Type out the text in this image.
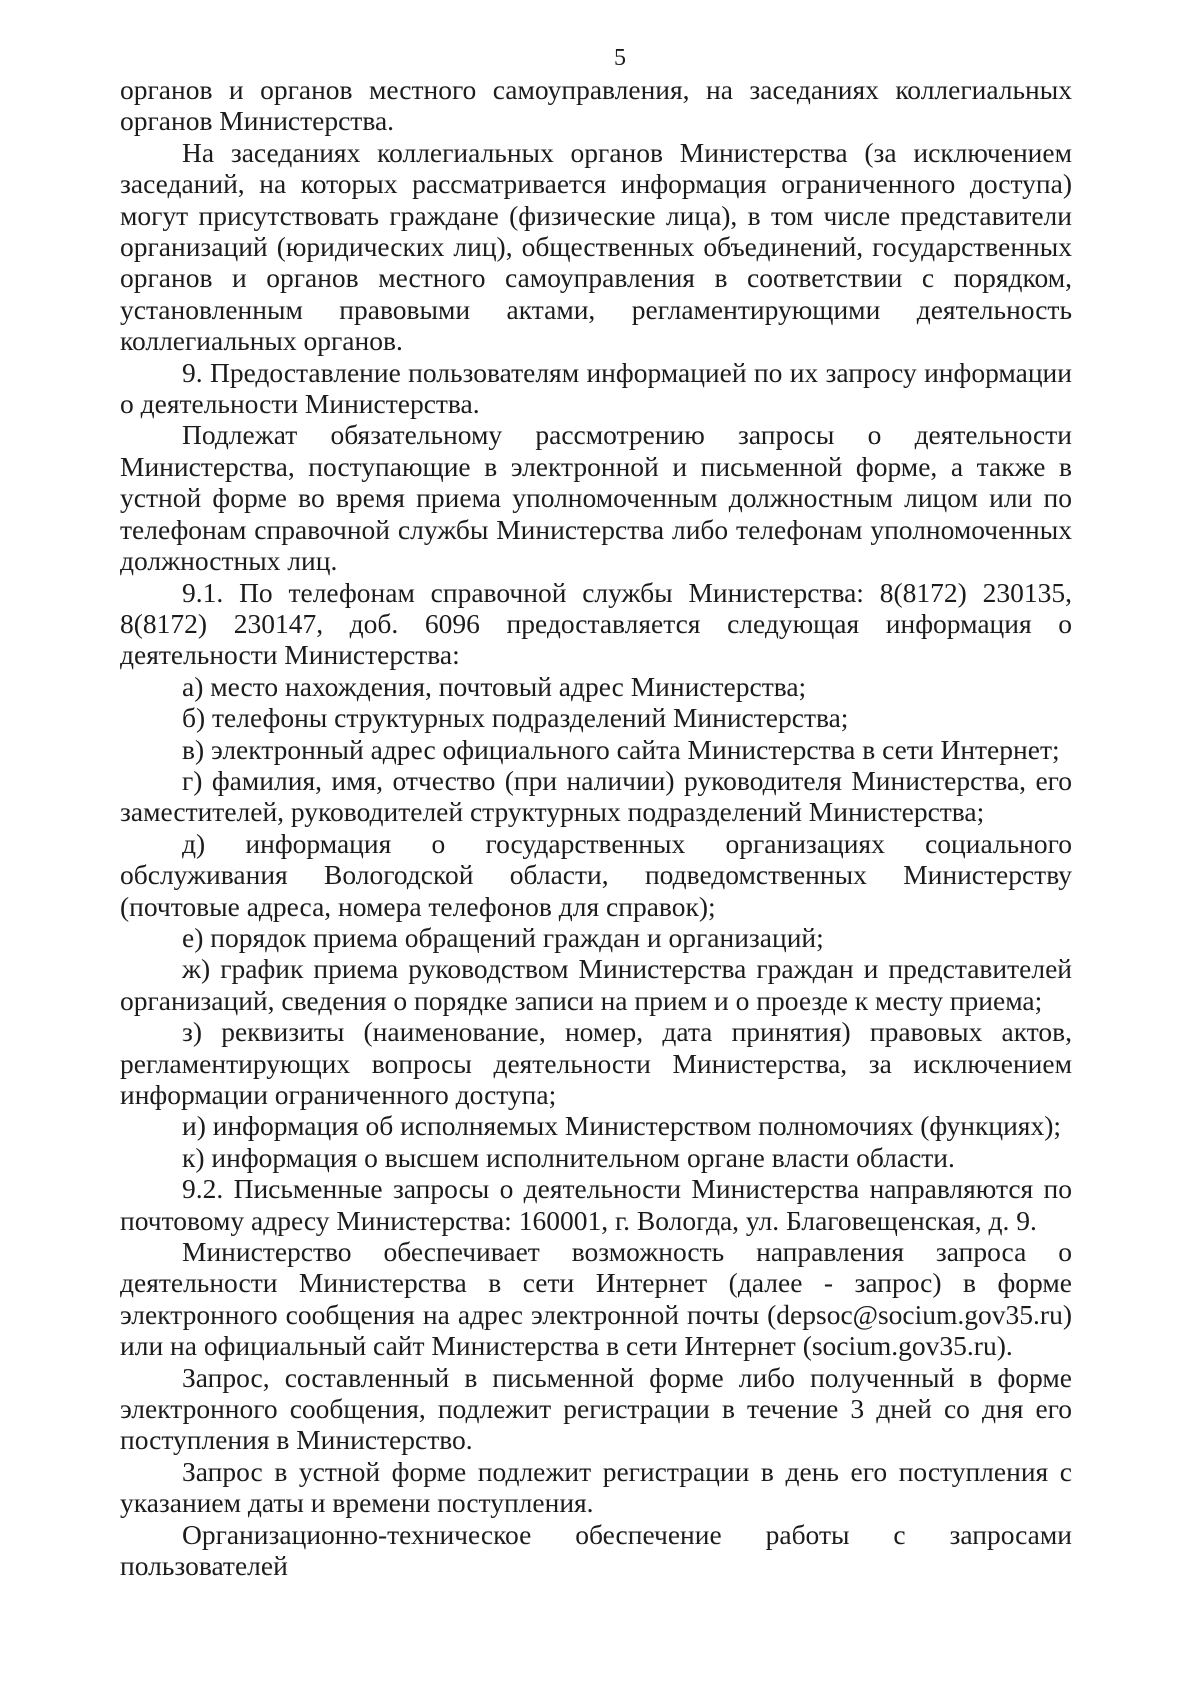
5

органов и органов местного самоуправления, на заседаниях коллегиальных органов Министерства.

На заседаниях коллегиальных органов Министерства (за исключением заседаний, на которых рассматривается информация ограниченного доступа) могут присутствовать граждане (физические лица), в том числе представители организаций (юридических лиц), общественных объединений, государственных органов и органов местного самоуправления в соответствии с порядком, установленным правовыми актами, регламентирующими деятельность коллегиальных органов.

9. Предоставление пользователям информацией по их запросу информации о деятельности Министерства.

Подлежат обязательному рассмотрению запросы о деятельности Министерства, поступающие в электронной и письменной форме, а также в устной форме во время приема уполномоченным должностным лицом или по телефонам справочной службы Министерства либо телефонам уполномоченных должностных лиц.

9.1. По телефонам справочной службы Министерства: 8(8172) 230135, 8(8172) 230147, доб. 6096 предоставляется следующая информация о деятельности Министерства:

а) место нахождения, почтовый адрес Министерства;

б) телефоны структурных подразделений Министерства;

в) электронный адрес официального сайта Министерства в сети Интернет;

г) фамилия, имя, отчество (при наличии) руководителя Министерства, его заместителей, руководителей структурных подразделений Министерства;

д) информация о государственных организациях социального обслуживания Вологодской области, подведомственных Министерству (почтовые адреса, номера телефонов для справок);

е) порядок приема обращений граждан и организаций;

ж) график приема руководством Министерства граждан и представителей организаций, сведения о порядке записи на прием и о проезде к месту приема;

з) реквизиты (наименование, номер, дата принятия) правовых актов, регламентирующих вопросы деятельности Министерства, за исключением информации ограниченного доступа;

и) информация об исполняемых Министерством полномочиях (функциях);

к) информация о высшем исполнительном органе власти области.

9.2. Письменные запросы о деятельности Министерства направляются по почтовому адресу Министерства: 160001, г. Вологда, ул. Благовещенская, д. 9.

Министерство обеспечивает возможность направления запроса о деятельности Министерства в сети Интернет (далее - запрос) в форме электронного сообщения на адрес электронной почты (depsoc@socium.gov35.ru) или на официальный сайт Министерства в сети Интернет (socium.gov35.ru).

Запрос, составленный в письменной форме либо полученный в форме электронного сообщения, подлежит регистрации в течение 3 дней со дня его поступления в Министерство.

Запрос в устной форме подлежит регистрации в день его поступления с указанием даты и времени поступления.

Организационно-техническое обеспечение работы с запросами пользователей
